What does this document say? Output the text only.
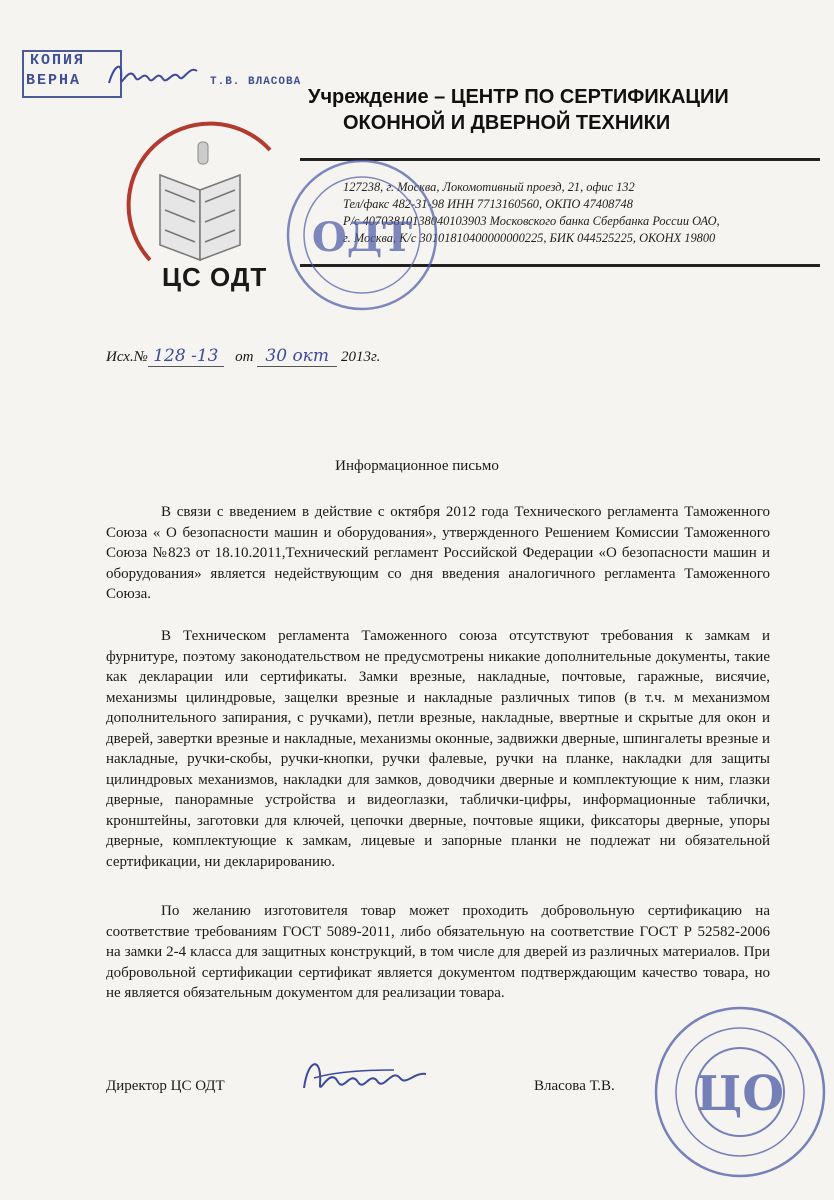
КОПИЯ
ВЕРНА	Т.В. ВЛАСОВА
Учреждение – ЦЕНТР ПО СЕРТИФИКАЦИИ
ОКОННОЙ И ДВЕРНОЙ ТЕХНИКИ
127238, г. Москва, Локомотивный проезд, 21, офис 132
Тел/факс 482-31-98 ИНН 7713160560, ОКПО 47408748
Р/с 40703810138040103903 Московского банка Сбербанка России ОАО,
г. Москва, К/с 30101810400000000225, БИК 044525225, ОКОНХ 19800
ЦС ОДТ
ОДТ
Исх.№ 128 -13 от 30 окт 2013г.
Информационное письмо
В связи с введением в действие с октября 2012 года Технического регламента Таможенного Союза « О безопасности машин и оборудования», утвержденного Решением Комиссии Таможенного Союза №823 от 18.10.2011,Технический регламент Российской Федерации «О безопасности машин и оборудования» является недействующим со дня введения аналогичного регламента Таможенного Союза.
В Техническом регламента Таможенного союза отсутствуют требования к замкам и фурнитуре, поэтому законодательством не предусмотрены никакие дополнительные документы, такие как декларации или сертификаты. Замки врезные, накладные, почтовые, гаражные, висячие, механизмы цилиндровые, защелки врезные и накладные различных типов (в т.ч. м механизмом дополнительного запирания, с ручками), петли врезные, накладные, ввертные и скрытые для окон и дверей, завертки врезные и накладные, механизмы оконные, задвижки дверные, шпингалеты врезные и накладные, ручки-скобы, ручки-кнопки, ручки фалевые, ручки на планке, накладки для защиты цилиндровых механизмов, накладки для замков, доводчики дверные и комплектующие к ним, глазки дверные, панорамные устройства и видеоглазки, таблички-цифры, информационные таблички, кронштейны, заготовки для ключей, цепочки дверные, почтовые ящики, фиксаторы дверные, упоры дверные, комплектующие к замкам, лицевые и запорные планки не подлежат ни обязательной сертификации, ни декларированию.
По желанию изготовителя товар может проходить добровольную сертификацию на соответствие требованиям ГОСТ 5089-2011, либо обязательную на соответствие ГОСТ Р 52582-2006 на замки 2-4 класса для защитных конструкций, в том числе для дверей из различных материалов. При добровольной сертификации сертификат является документом подтверждающим качество товара, но не является обязательным документом для реализации товара.
Директор ЦС ОДТ	Власова Т.В. ЦО
